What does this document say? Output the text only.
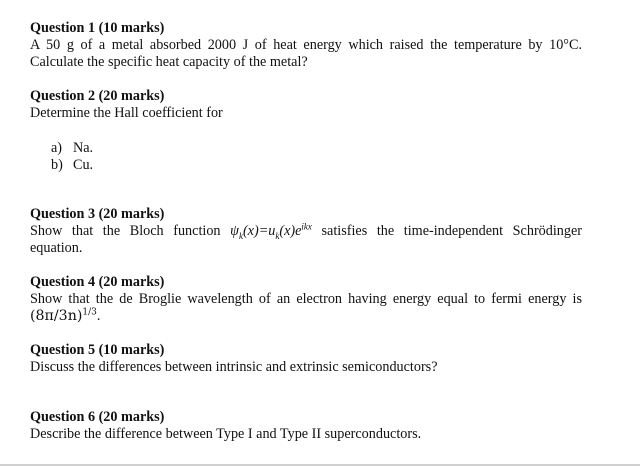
Question 1 (10 marks)

A 50 g of a metal absorbed 2000 J of heat energy which raised the temperature by 10°C.

Calculate the specific heat capacity of the metal?

Question 2 (20 marks)

Determine the Hall coefficient for

a) Na.
b) Cu.

Question 3 (20 marks)

Show that the Bloch function $\psi_k(x)=u_k(x)e^{ikx}$ satisfies the time-independent Schrödinger

equation.

Question 4 (20 marks)

Show that the de Broglie wavelength of an electron having energy equal to fermi energy is

$(8\pi/3n)^{1/3}$.

Question 5 (10 marks)

Discuss the differences between intrinsic and extrinsic semiconductors?

Question 6 (20 marks)

Describe the difference between Type I and Type II superconductors.
